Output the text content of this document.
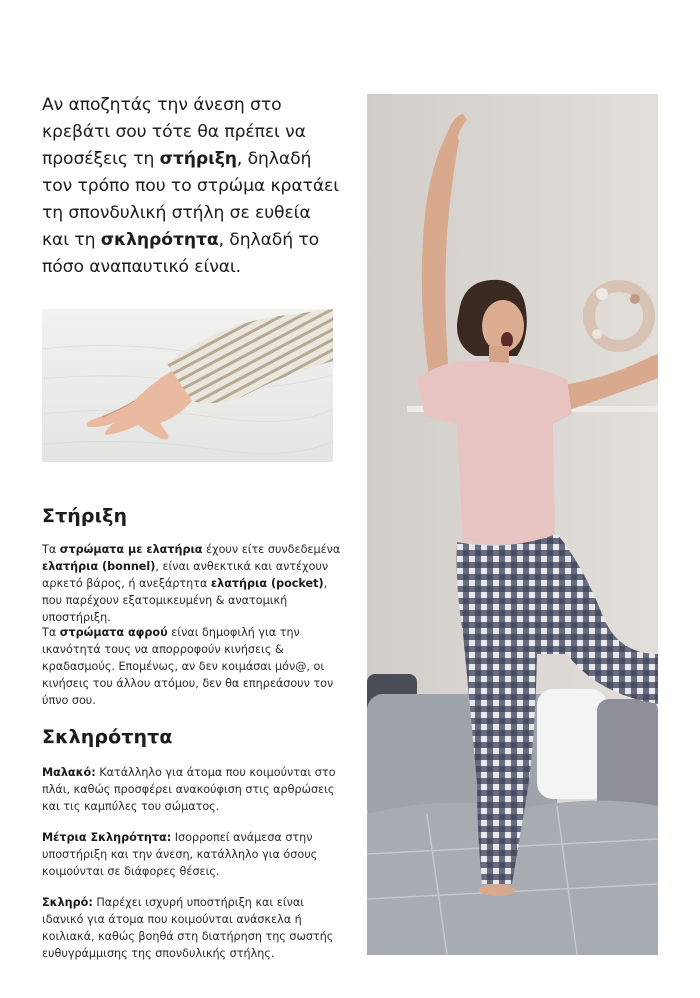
Αν αποζητάς την άνεση στο κρεβάτι σου τότε θα πρέπει να προσέξεις τη στήριξη, δηλαδή τον τρόπο που το στρώμα κρατάει τη σπονδυλική στήλη σε ευθεία και τη σκληρότητα, δηλαδή το πόσο αναπαυτικό είναι.
Στήριξη
Τα στρώματα με ελατήρια έχουν είτε συνδεδεμένα ελατήρια (bonnel), είναι ανθεκτικά και αντέχουν αρκετό βάρος, ή ανεξάρτητα ελατήρια (pocket), που παρέχουν εξατομικευμένη & ανατομική υποστήριξη.
Τα στρώματα αφρού είναι δημοφιλή για την ικανότητά τους να απορροφούν κινήσεις & κραδασμούς. Επομένως, αν δεν κοιμάσαι μόν@, οι κινήσεις του άλλου ατόμου, δεν θα επηρεάσουν τον ύπνο σου.
Σκληρότητα
Μαλακό: Κατάλληλο για άτομα που κοιμούνται στο πλάι, καθώς προσφέρει ανακούφιση στις αρθρώσεις και τις καμπύλες του σώματος.
Μέτρια Σκληρότητα: Ισορροπεί ανάμεσα στην υποστήριξη και την άνεση, κατάλληλο για όσους κοιμούνται σε διάφορες θέσεις.
Σκληρό: Παρέχει ισχυρή υποστήριξη και είναι ιδανικό για άτομα που κοιμούνται ανάσκελα ή κοιλιακά, καθώς βοηθά στη διατήρηση της σωστής ευθυγράμμισης της σπονδυλικής στήλης.
